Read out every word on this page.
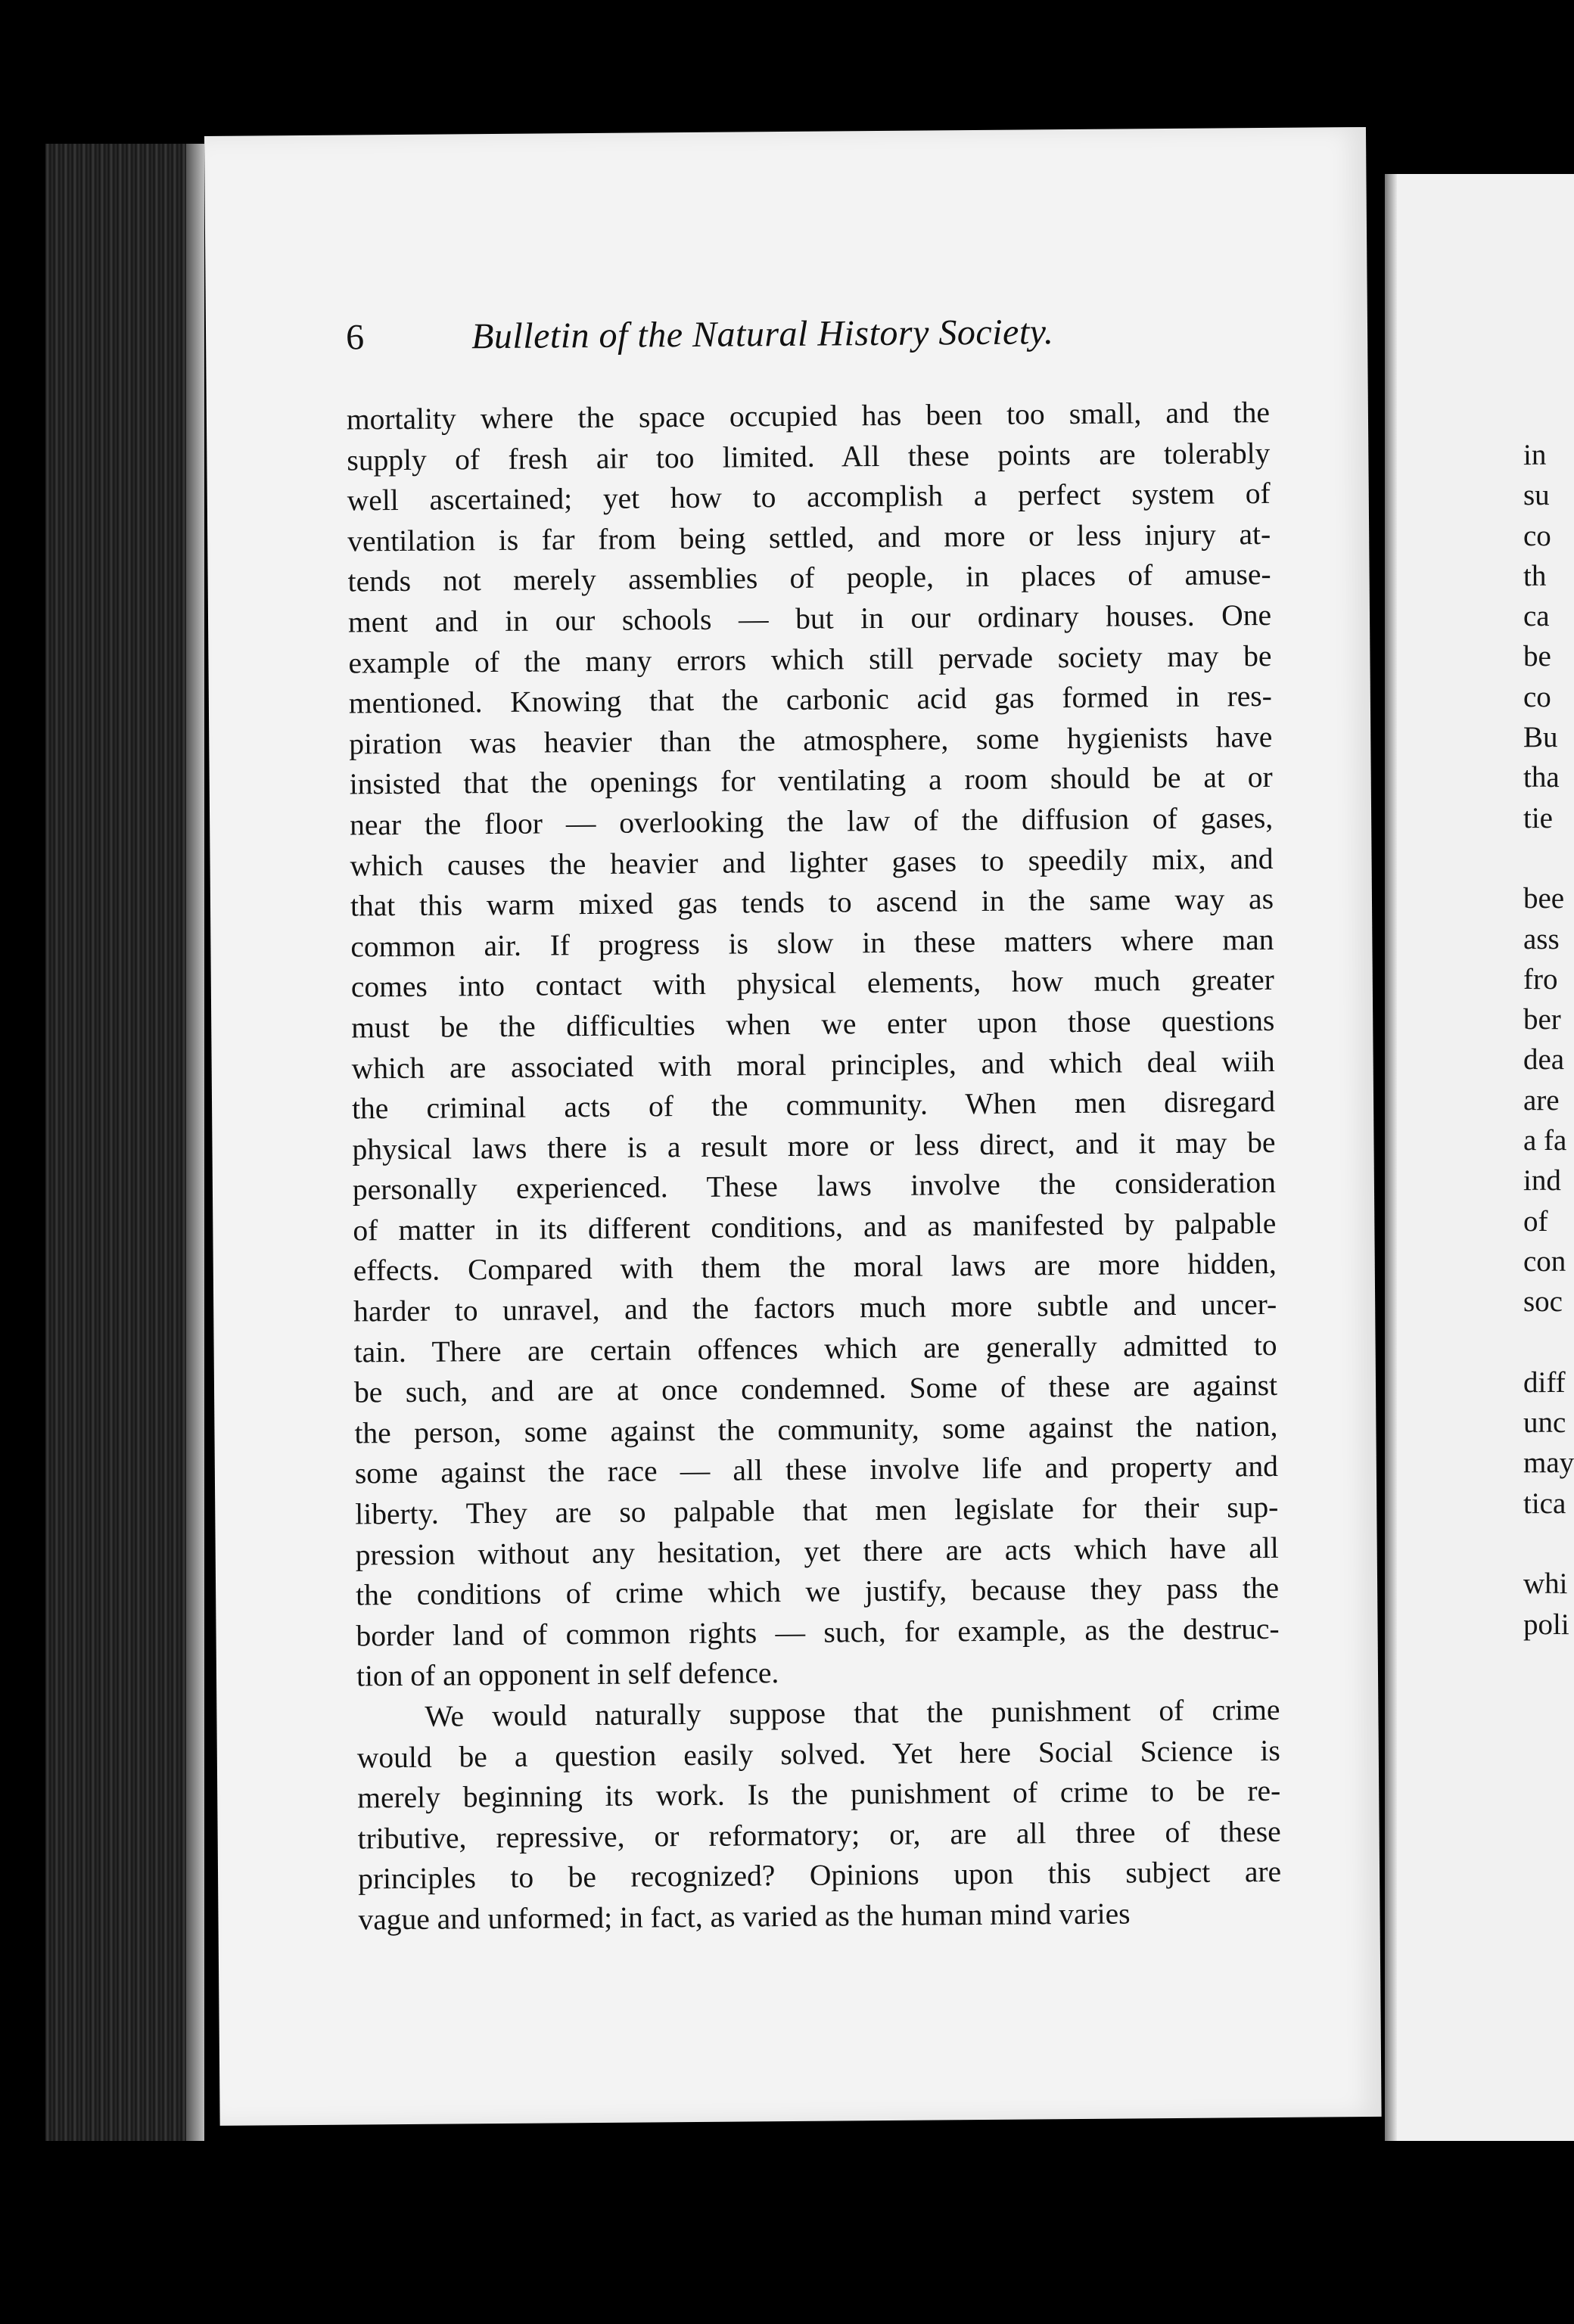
6	Bulletin of the Natural History Society.
mortality where the space occupied has been too small, and the
supply of fresh air too limited. All these points are tolerably
well ascertained; yet how to accomplish a perfect system of
ventilation is far from being settled, and more or less injury at-
tends not merely assemblies of people, in places of amuse-
ment and in our schools — but in our ordinary houses. One
example of the many errors which still pervade society may be
mentioned. Knowing that the carbonic acid gas formed in res-
piration was heavier than the atmosphere, some hygienists have
insisted that the openings for ventilating a room should be at or
near the floor — overlooking the law of the diffusion of gases,
which causes the heavier and lighter gases to speedily mix, and
that this warm mixed gas tends to ascend in the same way as
common air. If progress is slow in these matters where man
comes into contact with physical elements, how much greater
must be the difficulties when we enter upon those questions
which are associated with moral principles, and which deal wiih
the criminal acts of the community. When men disregard
physical laws there is a result more or less direct, and it may be
personally experienced. These laws involve the consideration
of matter in its different conditions, and as manifested by palpable
effects. Compared with them the moral laws are more hidden,
harder to unravel, and the factors much more subtle and uncer-
tain. There are certain offences which are generally admitted to
be such, and are at once condemned. Some of these are against
the person, some against the community, some against the nation,
some against the race — all these involve life and property and
liberty. They are so palpable that men legislate for their sup-
pression without any hesitation, yet there are acts which have all
the conditions of crime which we justify, because they pass the
border land of common rights — such, for example, as the destruc-
tion of an opponent in self defence.
We would naturally suppose that the punishment of crime
would be a question easily solved. Yet here Social Science is
merely beginning its work. Is the punishment of crime to be re-
tributive, repressive, or reformatory; or, are all three of these
principles to be recognized? Opinions upon this subject are
vague and unformed; in fact, as varied as the human mind varies
in
su
co
th
ca
be
co
Bu
tha
tie
bee
ass
fro
ber
dea
are
a fa
ind
of
con
soc
diff
unc
may
tica
whi
poli
